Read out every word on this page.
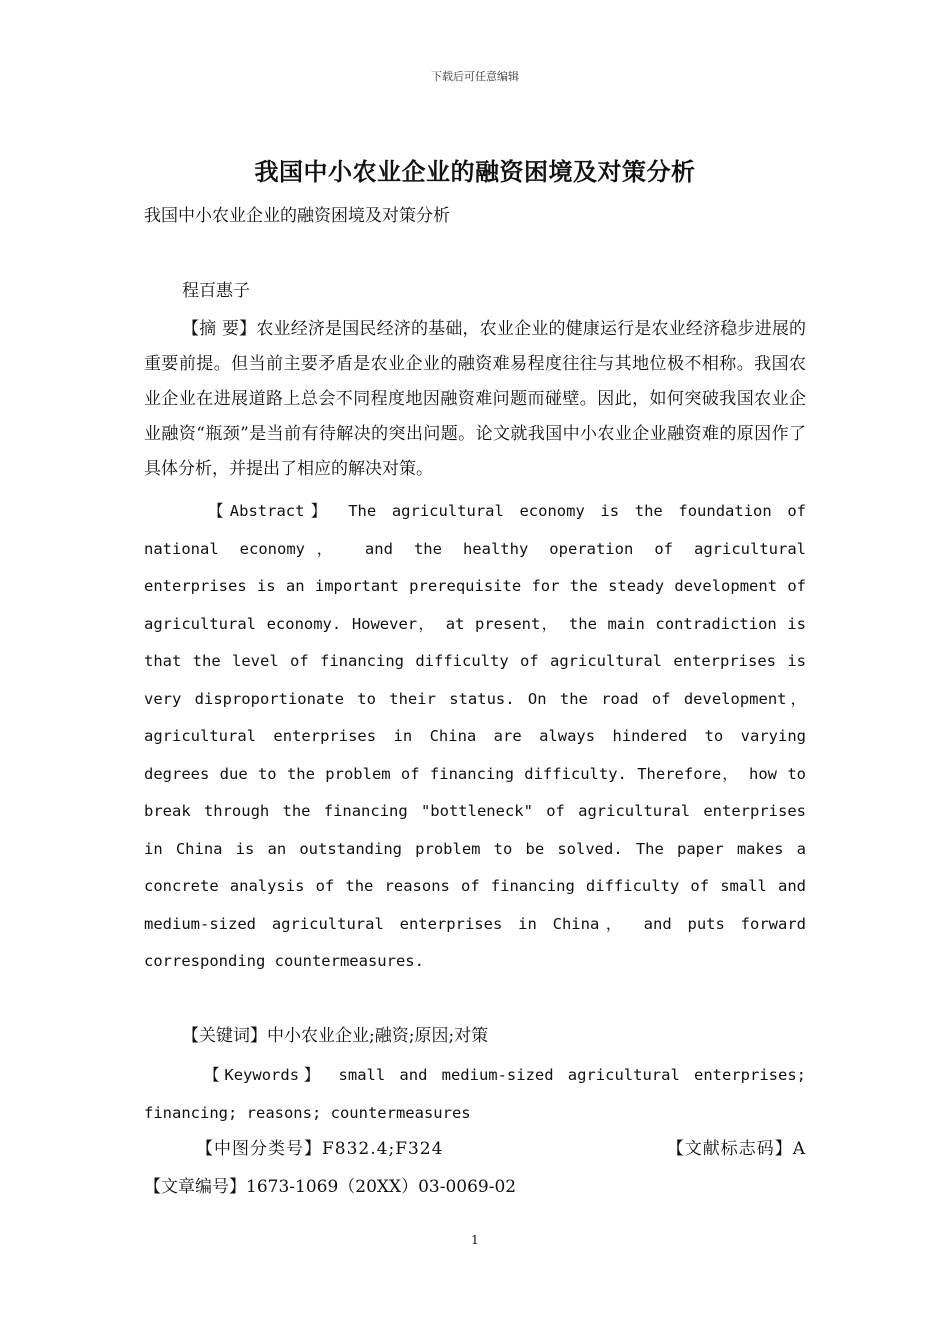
下载后可任意编辑
我国中小农业企业的融资困境及对策分析
我国中小农业企业的融资困境及对策分析
程百惠子
【摘 要】农业经济是国民经济的基础，农业企业的健康运行是农业经济稳步进展的重要前提。但当前主要矛盾是农业企业的融资难易程度往往与其地位极不相称。我国农业企业在进展道路上总会不同程度地因融资难问题而碰壁。因此，如何突破我国农业企业融资“瓶颈”是当前有待解决的突出问题。论文就我国中小农业企业融资难的原因作了具体分析，并提出了相应的解决对策。
【Abstract】 The agricultural economy is the foundation of national economy， and the healthy operation of agricultural enterprises is an important prerequisite for the steady development of agricultural economy. However， at present， the main contradiction is that the level of financing difficulty of agricultural enterprises is very disproportionate to their status. On the road of development， agricultural enterprises in China are always hindered to varying degrees due to the problem of financing difficulty. Therefore， how to break through the financing "bottleneck" of agricultural enterprises in China is an outstanding problem to be solved. The paper makes a concrete analysis of the reasons of financing difficulty of small and medium-sized agricultural enterprises in China， and puts forward corresponding countermeasures.
【关键词】中小农业企业;融资;原因;对策
【Keywords】 small and medium-sized agricultural enterprises; financing; reasons; countermeasures
【中图分类号】F832.4;F324	【文献标志码】A
【文章编号】1673-1069（20XX）03-0069-02
1
